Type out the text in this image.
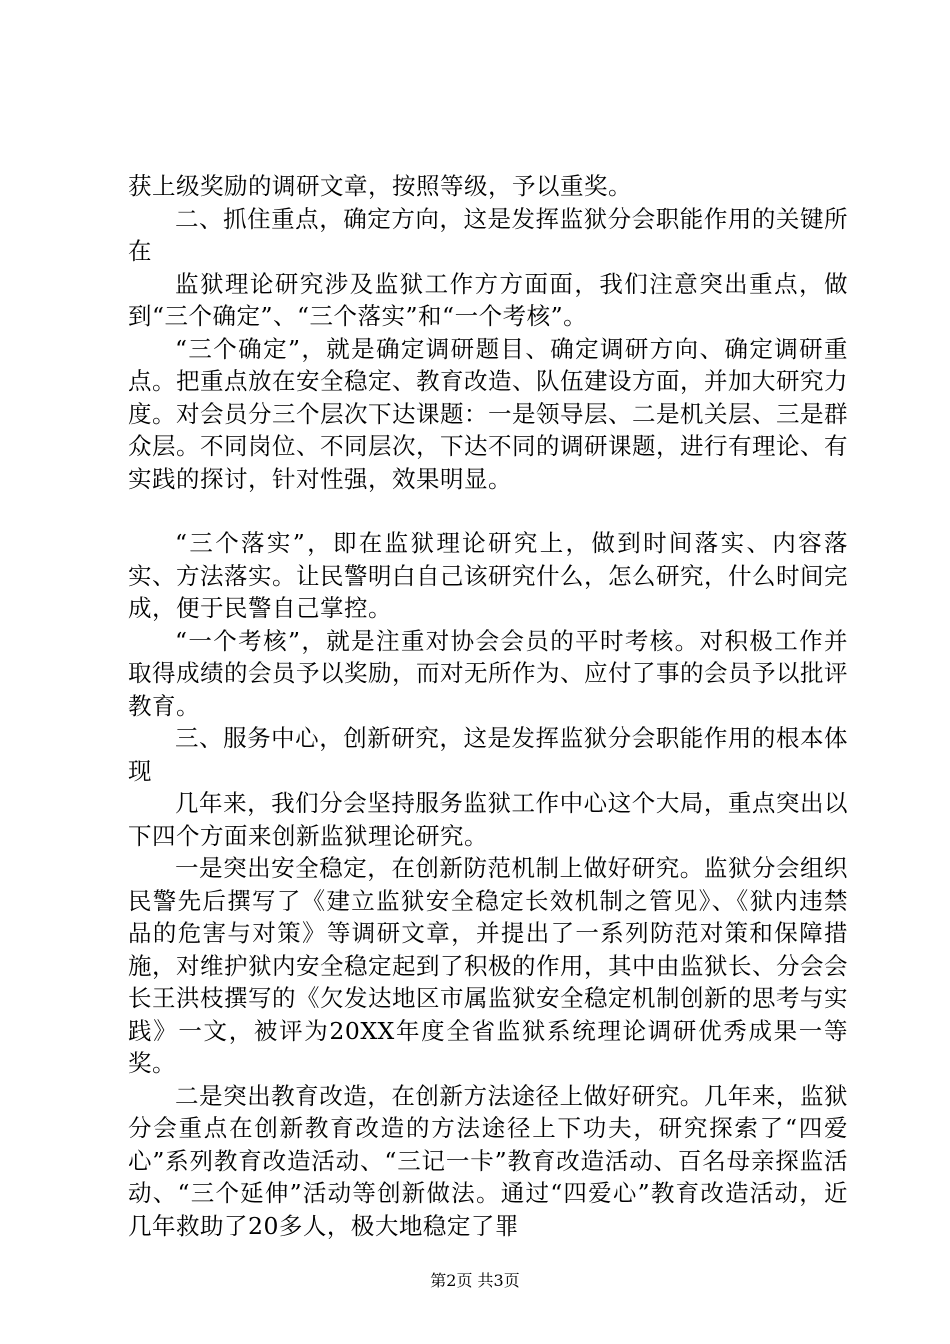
获上级奖励的调研文章，按照等级，予以重奖。

二、抓住重点，确定方向，这是发挥监狱分会职能作用的关键所在

监狱理论研究涉及监狱工作方方面面，我们注意突出重点，做到“三个确定”、“三个落实”和“一个考核”。

“三个确定”，就是确定调研题目、确定调研方向、确定调研重点。把重点放在安全稳定、教育改造、队伍建设方面，并加大研究力度。对会员分三个层次下达课题：一是领导层、二是机关层、三是群众层。不同岗位、不同层次，下达不同的调研课题，进行有理论、有实践的探讨，针对性强，效果明显。

“三个落实”，即在监狱理论研究上，做到时间落实、内容落实、方法落实。让民警明白自己该研究什么，怎么研究，什么时间完成，便于民警自己掌控。

“一个考核”，就是注重对协会会员的平时考核。对积极工作并取得成绩的会员予以奖励，而对无所作为、应付了事的会员予以批评教育。

三、服务中心，创新研究，这是发挥监狱分会职能作用的根本体现

几年来，我们分会坚持服务监狱工作中心这个大局，重点突出以下四个方面来创新监狱理论研究。

一是突出安全稳定，在创新防范机制上做好研究。监狱分会组织民警先后撰写了《建立监狱安全稳定长效机制之管见》、《狱内违禁品的危害与对策》等调研文章，并提出了一系列防范对策和保障措施，对维护狱内安全稳定起到了积极的作用，其中由监狱长、分会会长王洪枝撰写的《欠发达地区市属监狱安全稳定机制创新的思考与实践》一文，被评为20XX年度全省监狱系统理论调研优秀成果一等奖。

二是突出教育改造，在创新方法途径上做好研究。几年来，监狱分会重点在创新教育改造的方法途径上下功夫，研究探索了“四爱心”系列教育改造活动、“三记一卡”教育改造活动、百名母亲探监活动、“三个延伸”活动等创新做法。通过“四爱心”教育改造活动，近几年救助了20多人，极大地稳定了罪

第2页 共3页
